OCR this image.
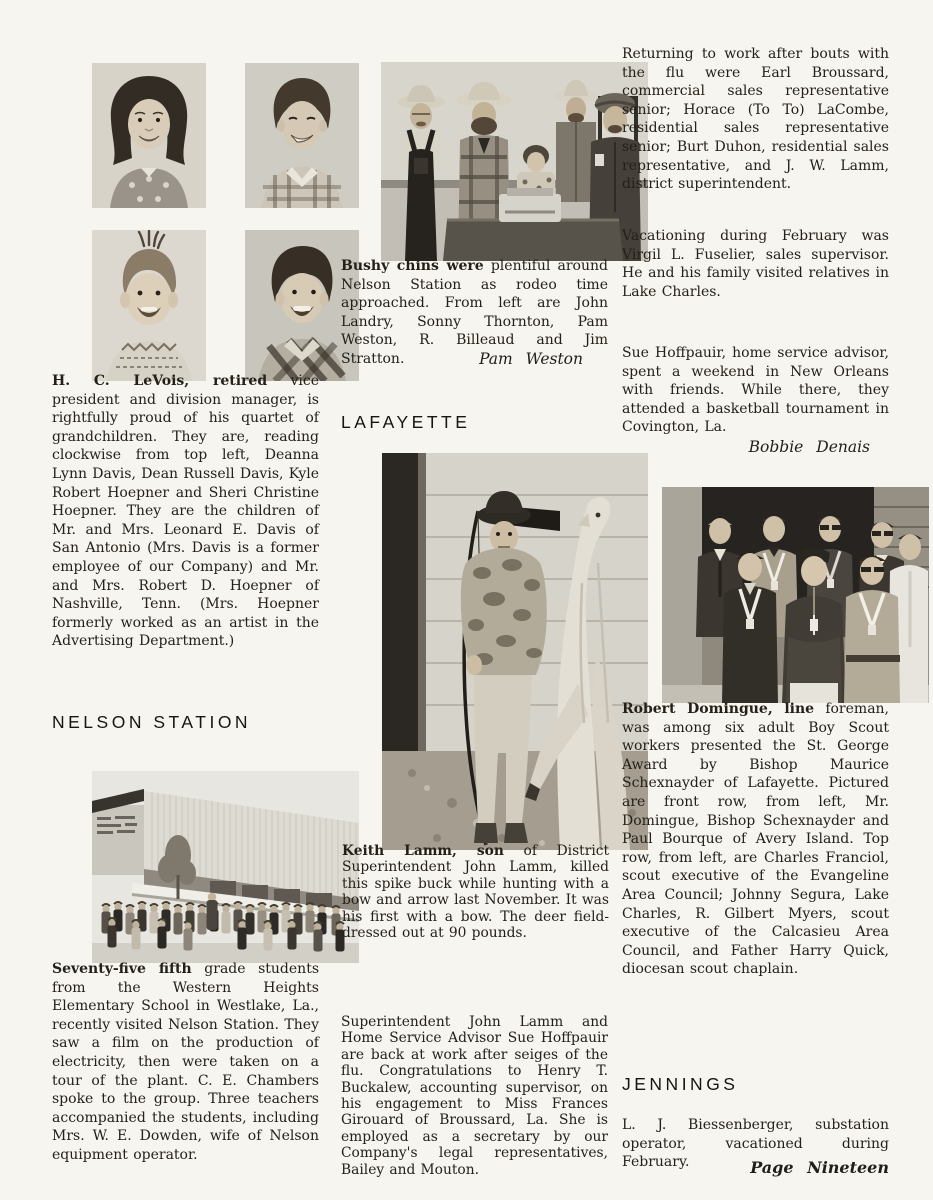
H. C. LeVois, retired vice president and division manager, is rightfully proud of his quartet of grandchildren. They are, reading clockwise from top left, Deanna Lynn Davis, Dean Russell Davis, Kyle Robert Hoepner and Sheri Christine Hoepner. They are the children of Mr. and Mrs. Leonard E. Davis of San Antonio (Mrs. Davis is a former employee of our Company) and Mr. and Mrs. Robert D. Hoepner of Nashville, Tenn. (Mrs. Hoepner formerly worked as an artist in the Advertising Department.)

NELSON STATION

Seventy-five fifth grade students from the Western Heights Elementary School in Westlake, La., recently visited Nelson Station. They saw a film on the production of electricity, then were taken on a tour of the plant. C. E. Chambers spoke to the group. Three teachers accompanied the students, including Mrs. W. E. Dowden, wife of Nelson equipment operator.

Bushy chins were plentiful around Nelson Station as rodeo time approached. From left are John Landry, Sonny Thornton, Pam Weston, R. Billeaud and Jim Stratton.	Pam Weston

LAFAYETTE

Keith Lamm, son of District Superintendent John Lamm, killed this spike buck while hunting with a bow and arrow last November. It was his first with a bow. The deer field-dressed out at 90 pounds.

Superintendent John Lamm and Home Service Advisor Sue Hoffpauir are back at work after seiges of the flu. Congratulations to Henry T. Buckalew, accounting supervisor, on his engagement to Miss Frances Girouard of Broussard, La. She is employed as a secretary by our Company's legal representatives, Bailey and Mouton.

Returning to work after bouts with the flu were Earl Broussard, commercial sales representative senior; Horace (To To) LaCombe, residential sales representative senior; Burt Duhon, residential sales representative, and J. W. Lamm, district superintendent.

Vacationing during February was Virgil L. Fuselier, sales supervisor. He and his family visited relatives in Lake Charles.

Sue Hoffpauir, home service advisor, spent a weekend in New Orleans with friends. While there, they attended a basketball tournament in Covington, La.

Bobbie Denais

Robert Domingue, line foreman, was among six adult Boy Scout workers presented the St. George Award by Bishop Maurice Schexnayder of Lafayette. Pictured are front row, from left, Mr. Domingue, Bishop Schexnayder and Paul Bourque of Avery Island. Top row, from left, are Charles Franciol, scout executive of the Evangeline Area Council; Johnny Segura, Lake Charles, R. Gilbert Myers, scout executive of the Calcasieu Area Council, and Father Harry Quick, diocesan scout chaplain.

JENNINGS

L. J. Biessenberger, substation operator, vacationed during February.	Page Nineteen
